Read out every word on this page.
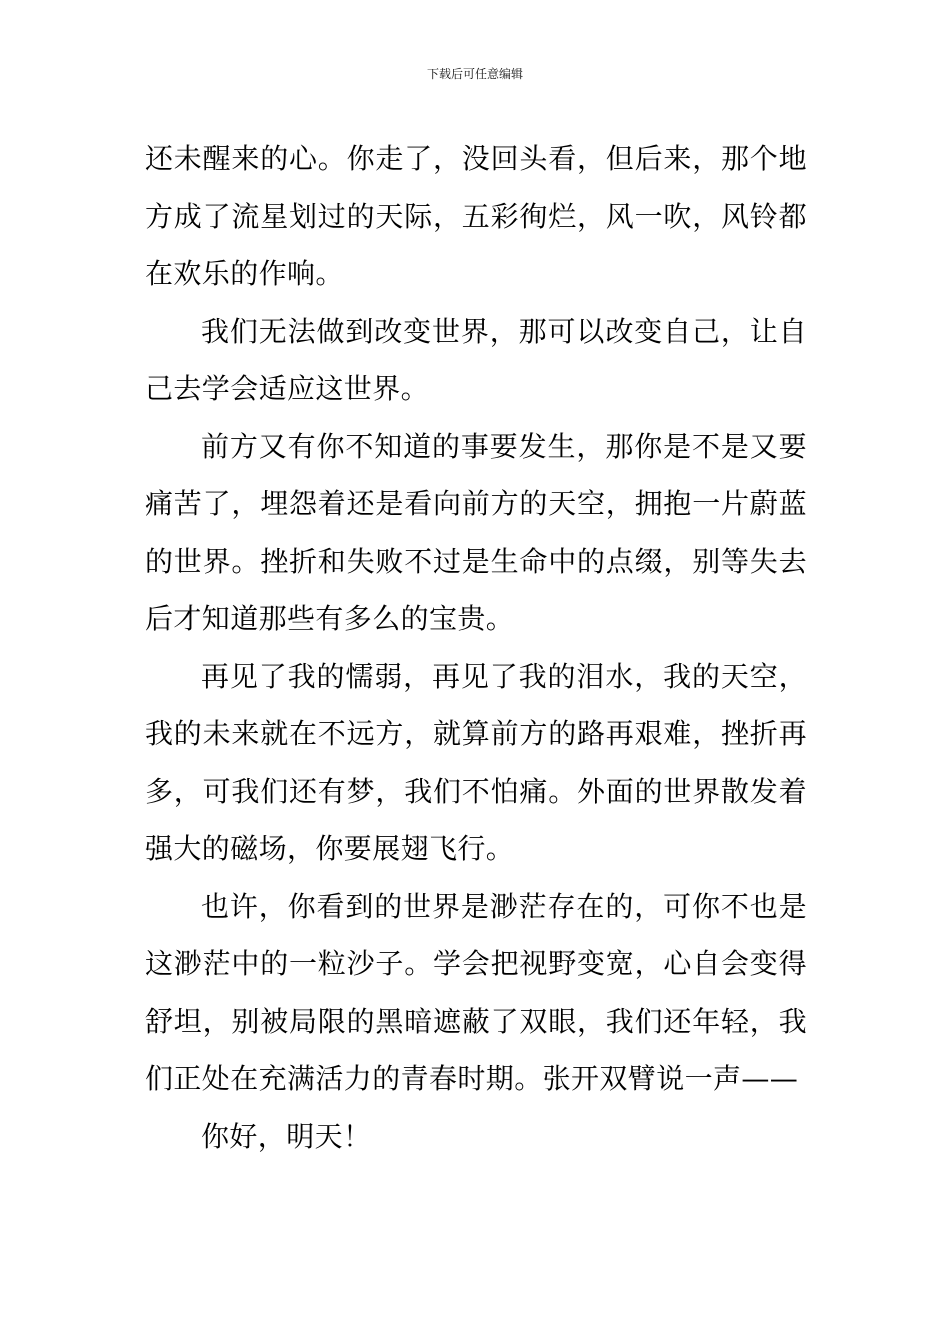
下载后可任意编辑

还未醒来的心。你走了，没回头看，但后来，那个地方成了流星划过的天际，五彩徇烂，风一吹，风铃都在欢乐的作响。

我们无法做到改变世界，那可以改变自己，让自己去学会适应这世界。

前方又有你不知道的事要发生，那你是不是又要痛苦了，埋怨着还是看向前方的天空，拥抱一片蔚蓝的世界。挫折和失败不过是生命中的点缀，别等失去后才知道那些有多么的宝贵。

再见了我的懦弱，再见了我的泪水，我的天空，我的未来就在不远方，就算前方的路再艰难，挫折再多，可我们还有梦，我们不怕痛。外面的世界散发着强大的磁场，你要展翅飞行。

也许，你看到的世界是渺茫存在的，可你不也是这渺茫中的一粒沙子。学会把视野变宽，心自会变得舒坦，别被局限的黑暗遮蔽了双眼，我们还年轻，我们正处在充满活力的青春时期。张开双臂说一声——

你好，明天！
